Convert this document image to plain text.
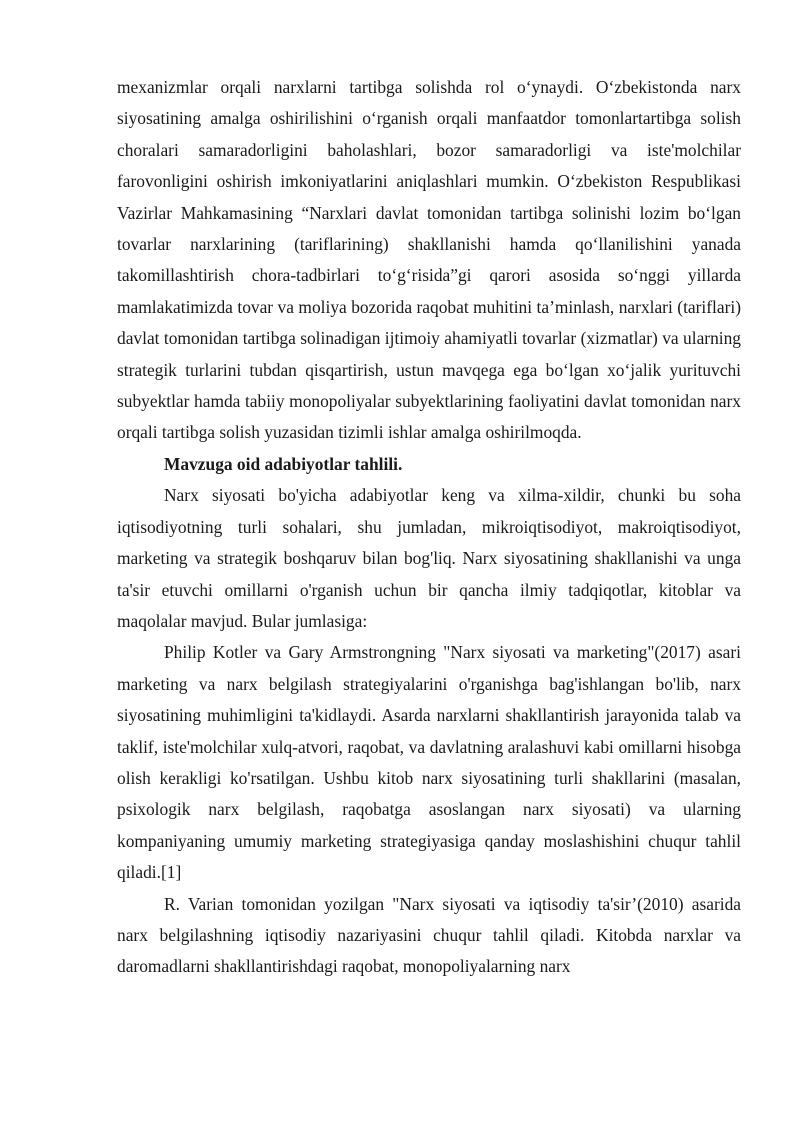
mexanizmlar orqali narxlarni tartibga solishda rol o‘ynaydi. O‘zbekistonda narx siyosatining amalga oshirilishini o‘rganish orqali manfaatdor tomonlartartibga solish choralari samaradorligini baholashlari, bozor samaradorligi va iste'molchilar farovonligini oshirish imkoniyatlarini aniqlashlari mumkin. O‘zbekiston Respublikasi Vazirlar Mahkamasining “Narxlari davlat tomonidan tartibga solinishi lozim bo‘lgan tovarlar narxlarining (tariflarining) shakllanishi hamda qo‘llanilishini yanada takomillashtirish chora-tadbirlari to‘g‘risida”gi qarori asosida so‘nggi yillarda mamlakatimizda tovar va moliya bozorida raqobat muhitini ta’minlash, narxlari (tariflari) davlat tomonidan tartibga solinadigan ijtimoiy ahamiyatli tovarlar (xizmatlar) va ularning strategik turlarini tubdan qisqartirish, ustun mavqega ega bo‘lgan xo‘jalik yurituvchi subyektlar hamda tabiiy monopoliyalar subyektlarining faoliyatini davlat tomonidan narx orqali tartibga solish yuzasidan tizimli ishlar amalga oshirilmoqda.

Mavzuga oid adabiyotlar tahlili.

Narx siyosati bo'yicha adabiyotlar keng va xilma-xildir, chunki bu soha iqtisodiyotning turli sohalari, shu jumladan, mikroiqtisodiyot, makroiqtisodiyot, marketing va strategik boshqaruv bilan bog'liq. Narx siyosatining shakllanishi va unga ta'sir etuvchi omillarni o'rganish uchun bir qancha ilmiy tadqiqotlar, kitoblar va maqolalar mavjud. Bular jumlasiga:

Philip Kotler va Gary Armstrongning "Narx siyosati va marketing"(2017) asari marketing va narx belgilash strategiyalarini o'rganishga bag'ishlangan bo'lib, narx siyosatining muhimligini ta'kidlaydi. Asarda narxlarni shakllantirish jarayonida talab va taklif, iste'molchilar xulq-atvori, raqobat, va davlatning aralashuvi kabi omillarni hisobga olish kerakligi ko'rsatilgan. Ushbu kitob narx siyosatining turli shakllarini (masalan, psixologik narx belgilash, raqobatga asoslangan narx siyosati) va ularning kompaniyaning umumiy marketing strategiyasiga qanday moslashishini chuqur tahlil qiladi.[1]

R. Varian tomonidan yozilgan "Narx siyosati va iqtisodiy ta'sir’(2010) asarida narx belgilashning iqtisodiy nazariyasini chuqur tahlil qiladi. Kitobda narxlar va daromadlarni shakllantirishdagi raqobat, monopoliyalarning narx
